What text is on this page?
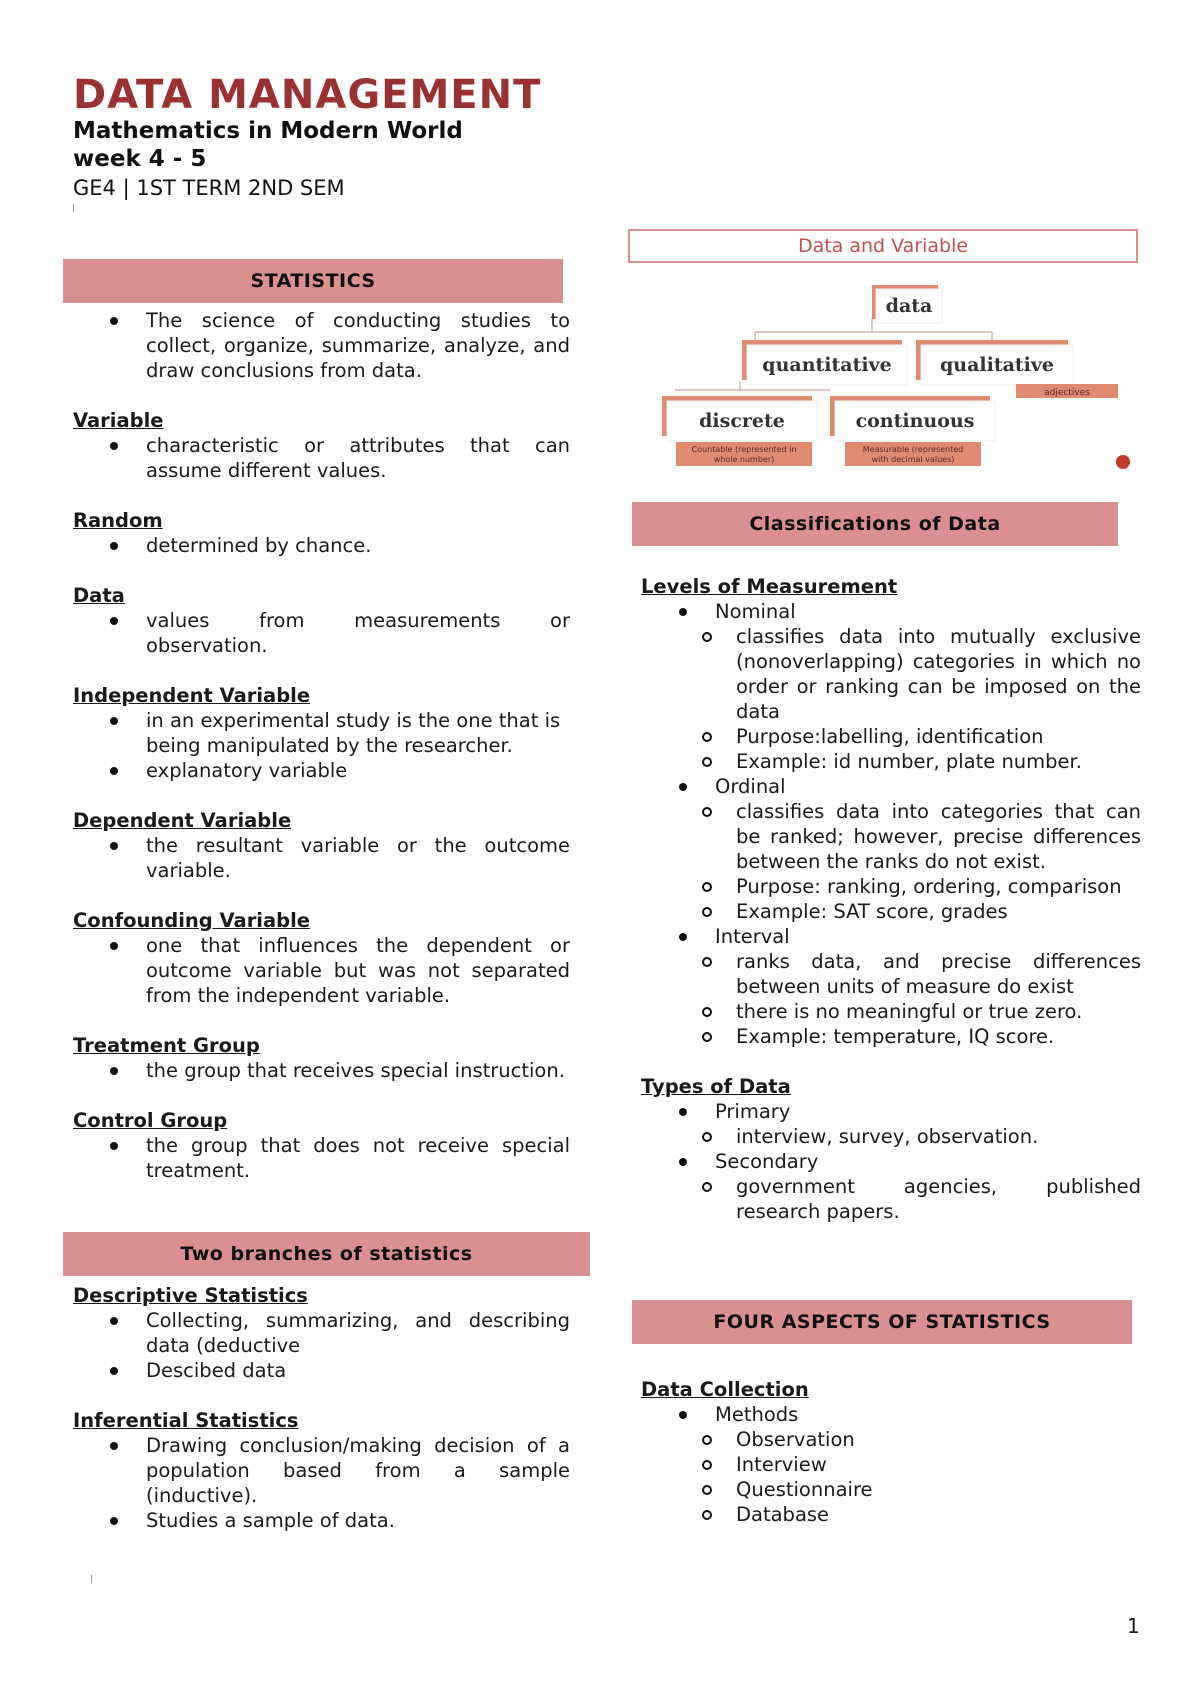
DATA MANAGEMENT
Mathematics in Modern World
week 4 - 5
GE4 | 1ST TERM 2ND SEM
STATISTICS
The science of conducting studies to collect, organize, summarize, analyze, and draw conclusions from data.

Variable

characteristic or attributes that can assume different values.

Random

determined by chance.

Data

values from measurements or observation.

Independent Variable

in an experimental study is the one that is being manipulated by the researcher.
explanatory variable

Dependent Variable

the resultant variable or the outcome variable.

Confounding Variable

one that influences the dependent or outcome variable but was not separated from the independent variable.

Treatment Group

the group that receives special instruction.

Control Group

the group that does not receive special treatment.
Two branches of statistics

Descriptive Statistics

Collecting, summarizing, and describing data (deductive
Descibed data

Inferential Statistics

Drawing conclusion/making decision of a population based from a sample (inductive).
Studies a sample of data.
Data and Variable
data
quantitative	qualitative
adjectives
discrete
Countable (represented in
whole number)
continuous
Measurable (represented
with decimal values)
Classifications of Data

Levels of Measurement

Nominal
classifies data into mutually exclusive (nonoverlapping) categories in which no order or ranking can be imposed on the data
Purpose:labelling, identification
Example: id number, plate number.
Ordinal
classifies data into categories that can be ranked; however, precise differences between the ranks do not exist.
Purpose: ranking, ordering, comparison
Example: SAT score, grades
Interval
ranks data, and precise differences between units of measure do exist
there is no meaningful or true zero.
Example: temperature, IQ score.

Types of Data

Primary
interview, survey, observation.
Secondary
government agencies, published research papers.
FOUR ASPECTS OF STATISTICS

Data Collection

Methods
Observation
Interview
Questionnaire
Database
1
